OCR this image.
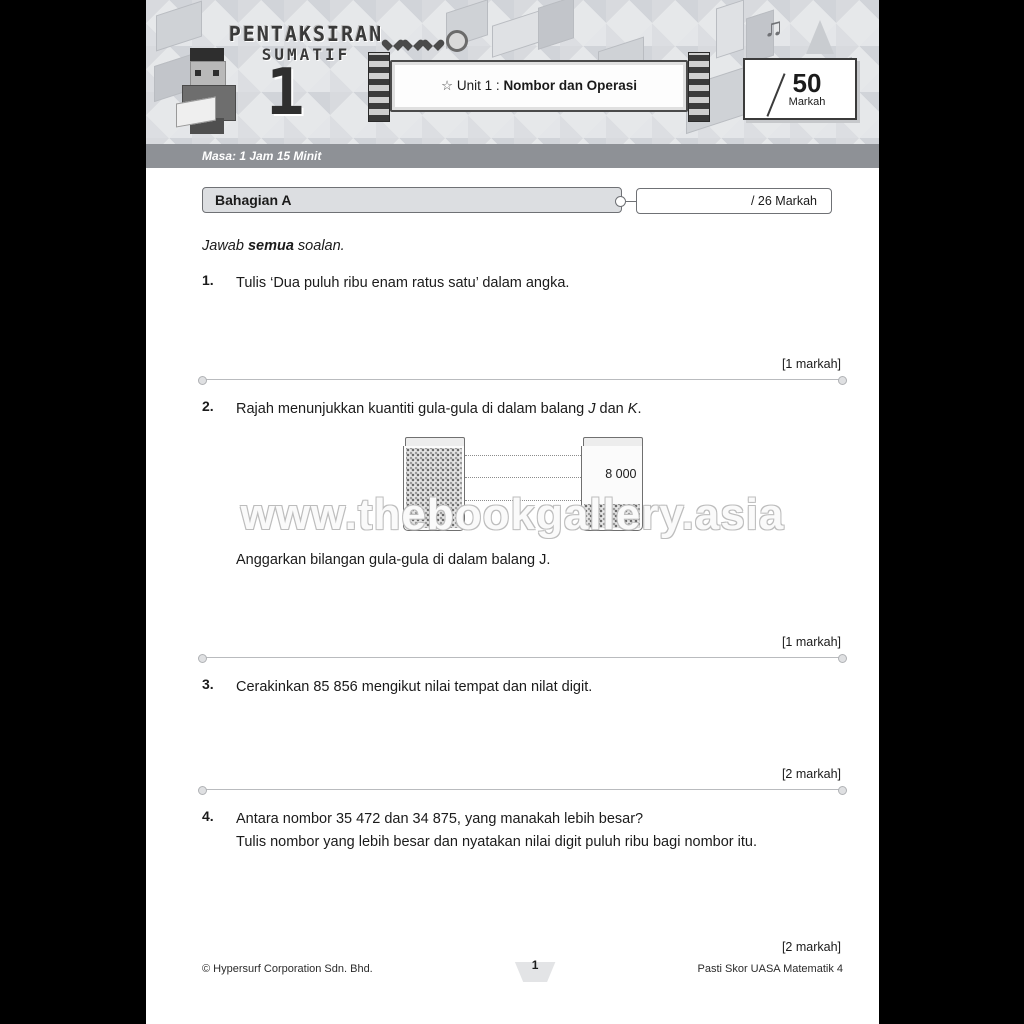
♫
PENTAKSIRAN
SUMATIF
1	☆ Unit 1 : Nombor dan Operasi	50
Markah
Masa: 1 Jam 15 Minit
Bahagian A	/ 26 Markah
Jawab semua soalan.
1.	Tulis ‘Dua puluh ribu enam ratus satu’ dalam angka.
[1 markah]
2.	Rajah menunjukkan kuantiti gula-gula di dalam balang J dan K.
8 000
Anggarkan bilangan gula-gula di dalam balang J.
[1 markah]
3.	Cerakinkan 85 856 mengikut nilai tempat dan nilat digit.
[2 markah]
4.	Antara nombor 35 472 dan 34 875, yang manakah lebih besar?
Tulis nombor yang lebih besar dan nyatakan nilai digit puluh ribu bagi nombor itu.
[2 markah]
www.thebookgallery.asia
© Hypersurf Corporation Sdn. Bhd.	1	Pasti Skor UASA Matematik 4
